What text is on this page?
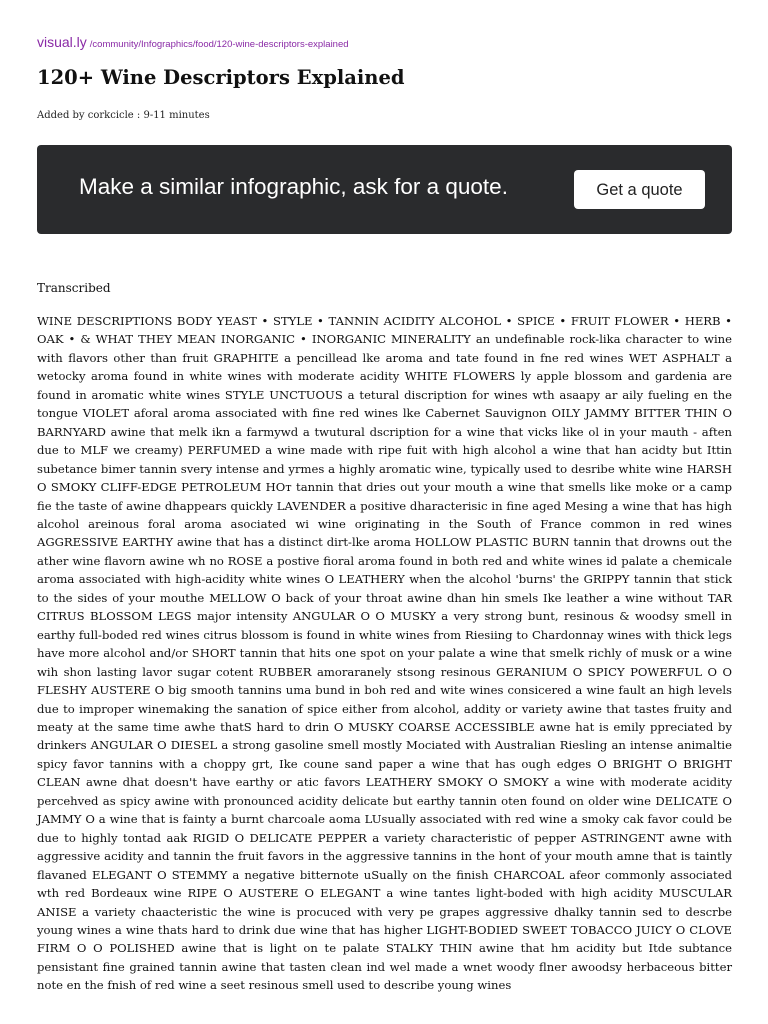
visual.ly /community/Infographics/food/120-wine-descriptors-explained
120+ Wine Descriptors Explained
Added by corkcicle : 9-11 minutes
Make a similar infographic, ask for a quote.	Get a quote
Transcribed

WINE DESCRIPTIONS BODY YEAST • STYLE • TANNIN ACIDITY ALCOHOL • SPICE • FRUIT FLOWER • HERB • OAK • & WHAT THEY MEAN INORGANIC • INORGANIC MINERALITY an undefinable rock-lika character to wine with flavors other than fruit GRAPHITE a pencillead lke aroma and tate found in fne red wines WET ASPHALT a wetocky aroma found in white wines with moderate acidity WHITE FLOWERS ly apple blossom and gardenia are found in aromatic white wines STYLE UNCTUOUS a tetural discription for wines wth asaapy ar aily fueling en the tongue VIOLET aforal aroma associated with fine red wines lke Cabernet Sauvignon OILY JAMMY BITTER THIN O BARNYARD awine that melk ikn a farmywd a twutural dscription for a wine that vicks like ol in your mauth - aften due to MLF we creamy) PERFUMED a wine made with ripe fuit with high alcohol a wine that han acidty but Ittin subetance bimer tannin svery intense and yrmes a highly aromatic wine, typically used to desribe white wine HARSH O SMOKY CLIFF-EDGE PETROLEUM HOт tannin that dries out your mouth a wine that smells like moke or a camp fie the taste of awine dhappears quickly LAVENDER a positive dharacterisic in fine aged Mesing a wine that has high alcohol areinous foral aroma asociated wi wine originating in the South of France common in red wines AGGRESSIVE EARTHY awine that has a distinct dirt-lke aroma HOLLOW PLASTIC BURN tannin that drowns out the ather wine flavorn awine wh no ROSE a postive fioral aroma found in both red and white wines id palate a chemicale aroma associated with high-acidity white wines O LEATHERY when the alcohol 'burns' the GRIPPY tannin that stick to the sides of your mouthe MELLOW O back of your throat awine dhan hin smels Ike leather a wine without TAR CITRUS BLOSSOM LEGS major intensity ANGULAR O O MUSKY a very strong bunt, resinous & woodsy smell in earthy full-boded red wines citrus blossom is found in white wines from Riesiing to Chardonnay wines with thick legs have more alcohol and/or SHORT tannin that hits one spot on your palate a wine that smelk richly of musk or a wine wih shon lasting lavor sugar cotent RUBBER amoraranely stsong resinous GERANIUM O SPICY POWERFUL O O FLESHY AUSTERE O big smooth tannins uma bund in boh red and wite wines consicered a wine fault an high levels due to improper winemaking the sanation of spice either from alcohol, addity or variety awine that tastes fruity and meaty at the same time awhe thatS hard to drin O MUSKY COARSE ACCESSIBLE awne hat is emily ppreciated by drinkers ANGULAR O DIESEL a strong gasoline smell mostly Mociated with Australian Riesling an intense animaltie spicy favor tannins with a choppy grt, Ike coune sand paper a wine that has ough edges O BRIGHT O BRIGHT CLEAN awne dhat doesn't have earthy or atic favors LEATHERY SMOKY O SMOKY a wine with moderate acidity percehved as spicy awine with pronounced acidity delicate but earthy tannin oten found on older wine DELICATE O JAMMY O a wine that is fainty a burnt charcoale aoma LUsually associated with red wine a smoky cak favor could be due to highly tontad aak RIGID O DELICATE PEPPER a variety characteristic of pepper ASTRINGENT awne with aggressive acidity and tannin the fruit favors in the aggressive tannins in the hont of your mouth amne that is taintly flavaned ELEGANT O STEMMY a negative bitternote uSually on the finish CHARCOAL afeor commonly associated wth red Bordeaux wine RIPE O AUSTERE O ELEGANT a wine tantes light-boded with high acidity MUSCULAR ANISE a variety chaacteristic the wine is procuced with very pe grapes aggressive dhalky tannin sed to descrbe young wines a wine thats hard to drink due wine that has higher LIGHT-BODIED SWEET TOBACCO JUICY O CLOVE FIRM O O POLISHED awine that is light on te palate STALKY THIN awine that hm acidity but Itde subtance pensistant fine grained tannin awine that tasten clean ind wel made a wnet woody flner awoodsy herbaceous bitter note en the fnish of red wine a seet resinous smell used to describe young wines
